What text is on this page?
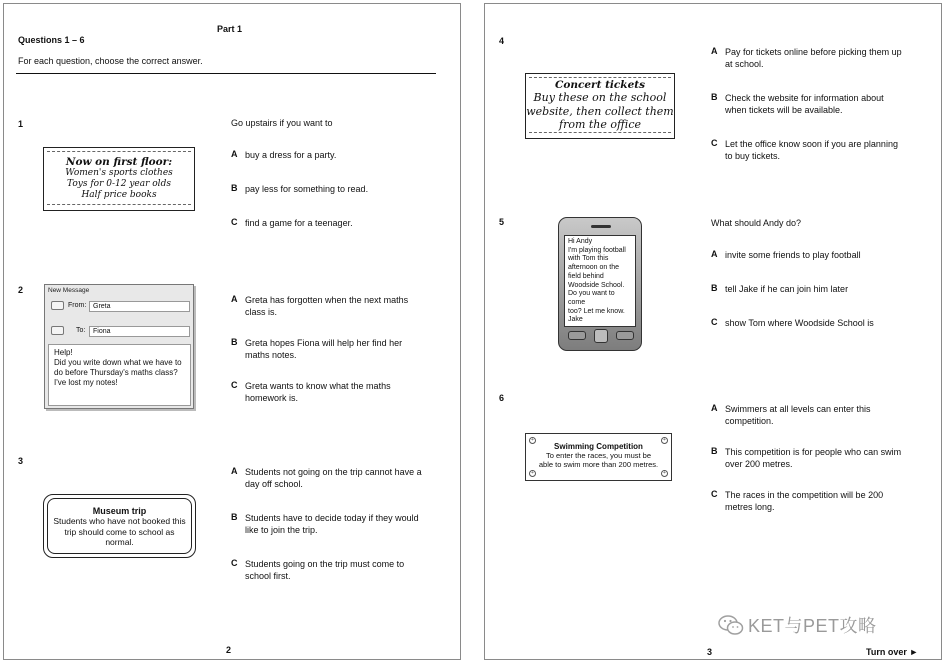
Part 1
Questions 1 – 6
For each question, choose the correct answer.
1
Now on first floor:
Women's sports clothes
Toys for 0-12 year olds
Half price books
Go upstairs if you want to
A buy a dress for a party.
B pay less for something to read.
C find a game for a teenager.
2	New Message
From: Greta
To:	Fiona
Help!
Did you write down what we have to
do before Thursday's maths class?
I've lost my notes!
A Greta has forgotten when the next maths
class is.
B Greta hopes Fiona will help her find her
maths notes.
C Greta wants to know what the maths
homework is.
3
Museum trip
Students who have not booked this
trip should come to school as
normal.
A Students not going on the trip cannot have a
day off school.
B Students have to decide today if they would
like to join the trip.
C Students going on the trip must come to
school first.
2
4
Concert tickets
Buy these on the school
website, then collect them
from the office
A Pay for tickets online before picking them up
at school.
B Check the website for information about
when tickets will be available.
C Let the office know soon if you are planning
to buy tickets.
5
Hi Andy
I'm playing football
with Tom this
afternoon on the
field behind
Woodside School.
Do you want to come
too? Let me know.
Jake
What should Andy do?
A invite some friends to play football
B tell Jake if he can join him later
C show Tom where Woodside School is
6
+	+
+	+
Swimming Competition
To enter the races, you must be
able to swim more than 200 metres.
A Swimmers at all levels can enter this
competition.
B This competition is for people who can swim
over 200 metres.
C The races in the competition will be 200
metres long.
KET与PET攻略
3	Turn over ►
